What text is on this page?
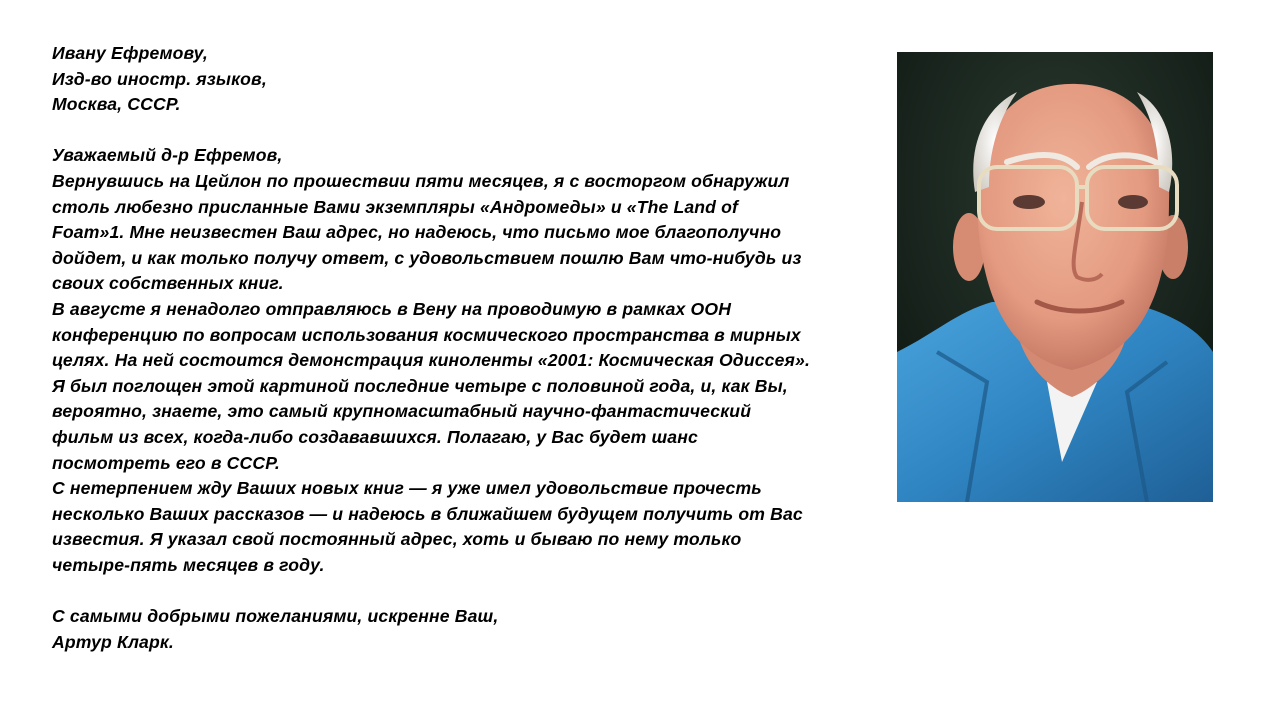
Ивану Ефремову,
Изд-во иностр. языков,
Москва, СССР.
Уважаемый д-р Ефремов,
Вернувшись на Цейлон по прошествии пяти месяцев, я с восторгом обнаружил
столь любезно присланные Вами экземпляры «Андромеды» и «The Land of
Foam»1. Мне неизвестен Ваш адрес, но надеюсь, что письмо мое благополучно
дойдет, и как только получу ответ, с удовольствием пошлю Вам что-нибудь из
своих собственных книг.
В августе я ненадолго отправляюсь в Вену на проводимую в рамках ООН
конференцию по вопросам использования космического пространства в мирных
целях. На ней состоится демонстрация киноленты «2001: Космическая Одиссея».
Я был поглощен этой картиной последние четыре с половиной года, и, как Вы,
вероятно, знаете, это самый крупномасштабный научно-фантастический
фильм из всех, когда-либо создававшихся. Полагаю, у Вас будет шанс
посмотреть его в СССР.
С нетерпением жду Ваших новых книг — я уже имел удовольствие прочесть
несколько Ваших рассказов — и надеюсь в ближайшем будущем получить от Вас
известия. Я указал свой постоянный адрес, хоть и бываю по нему только
четыре-пять месяцев в году.
С самыми добрыми пожеланиями, искренне Ваш,
Артур Кларк.
